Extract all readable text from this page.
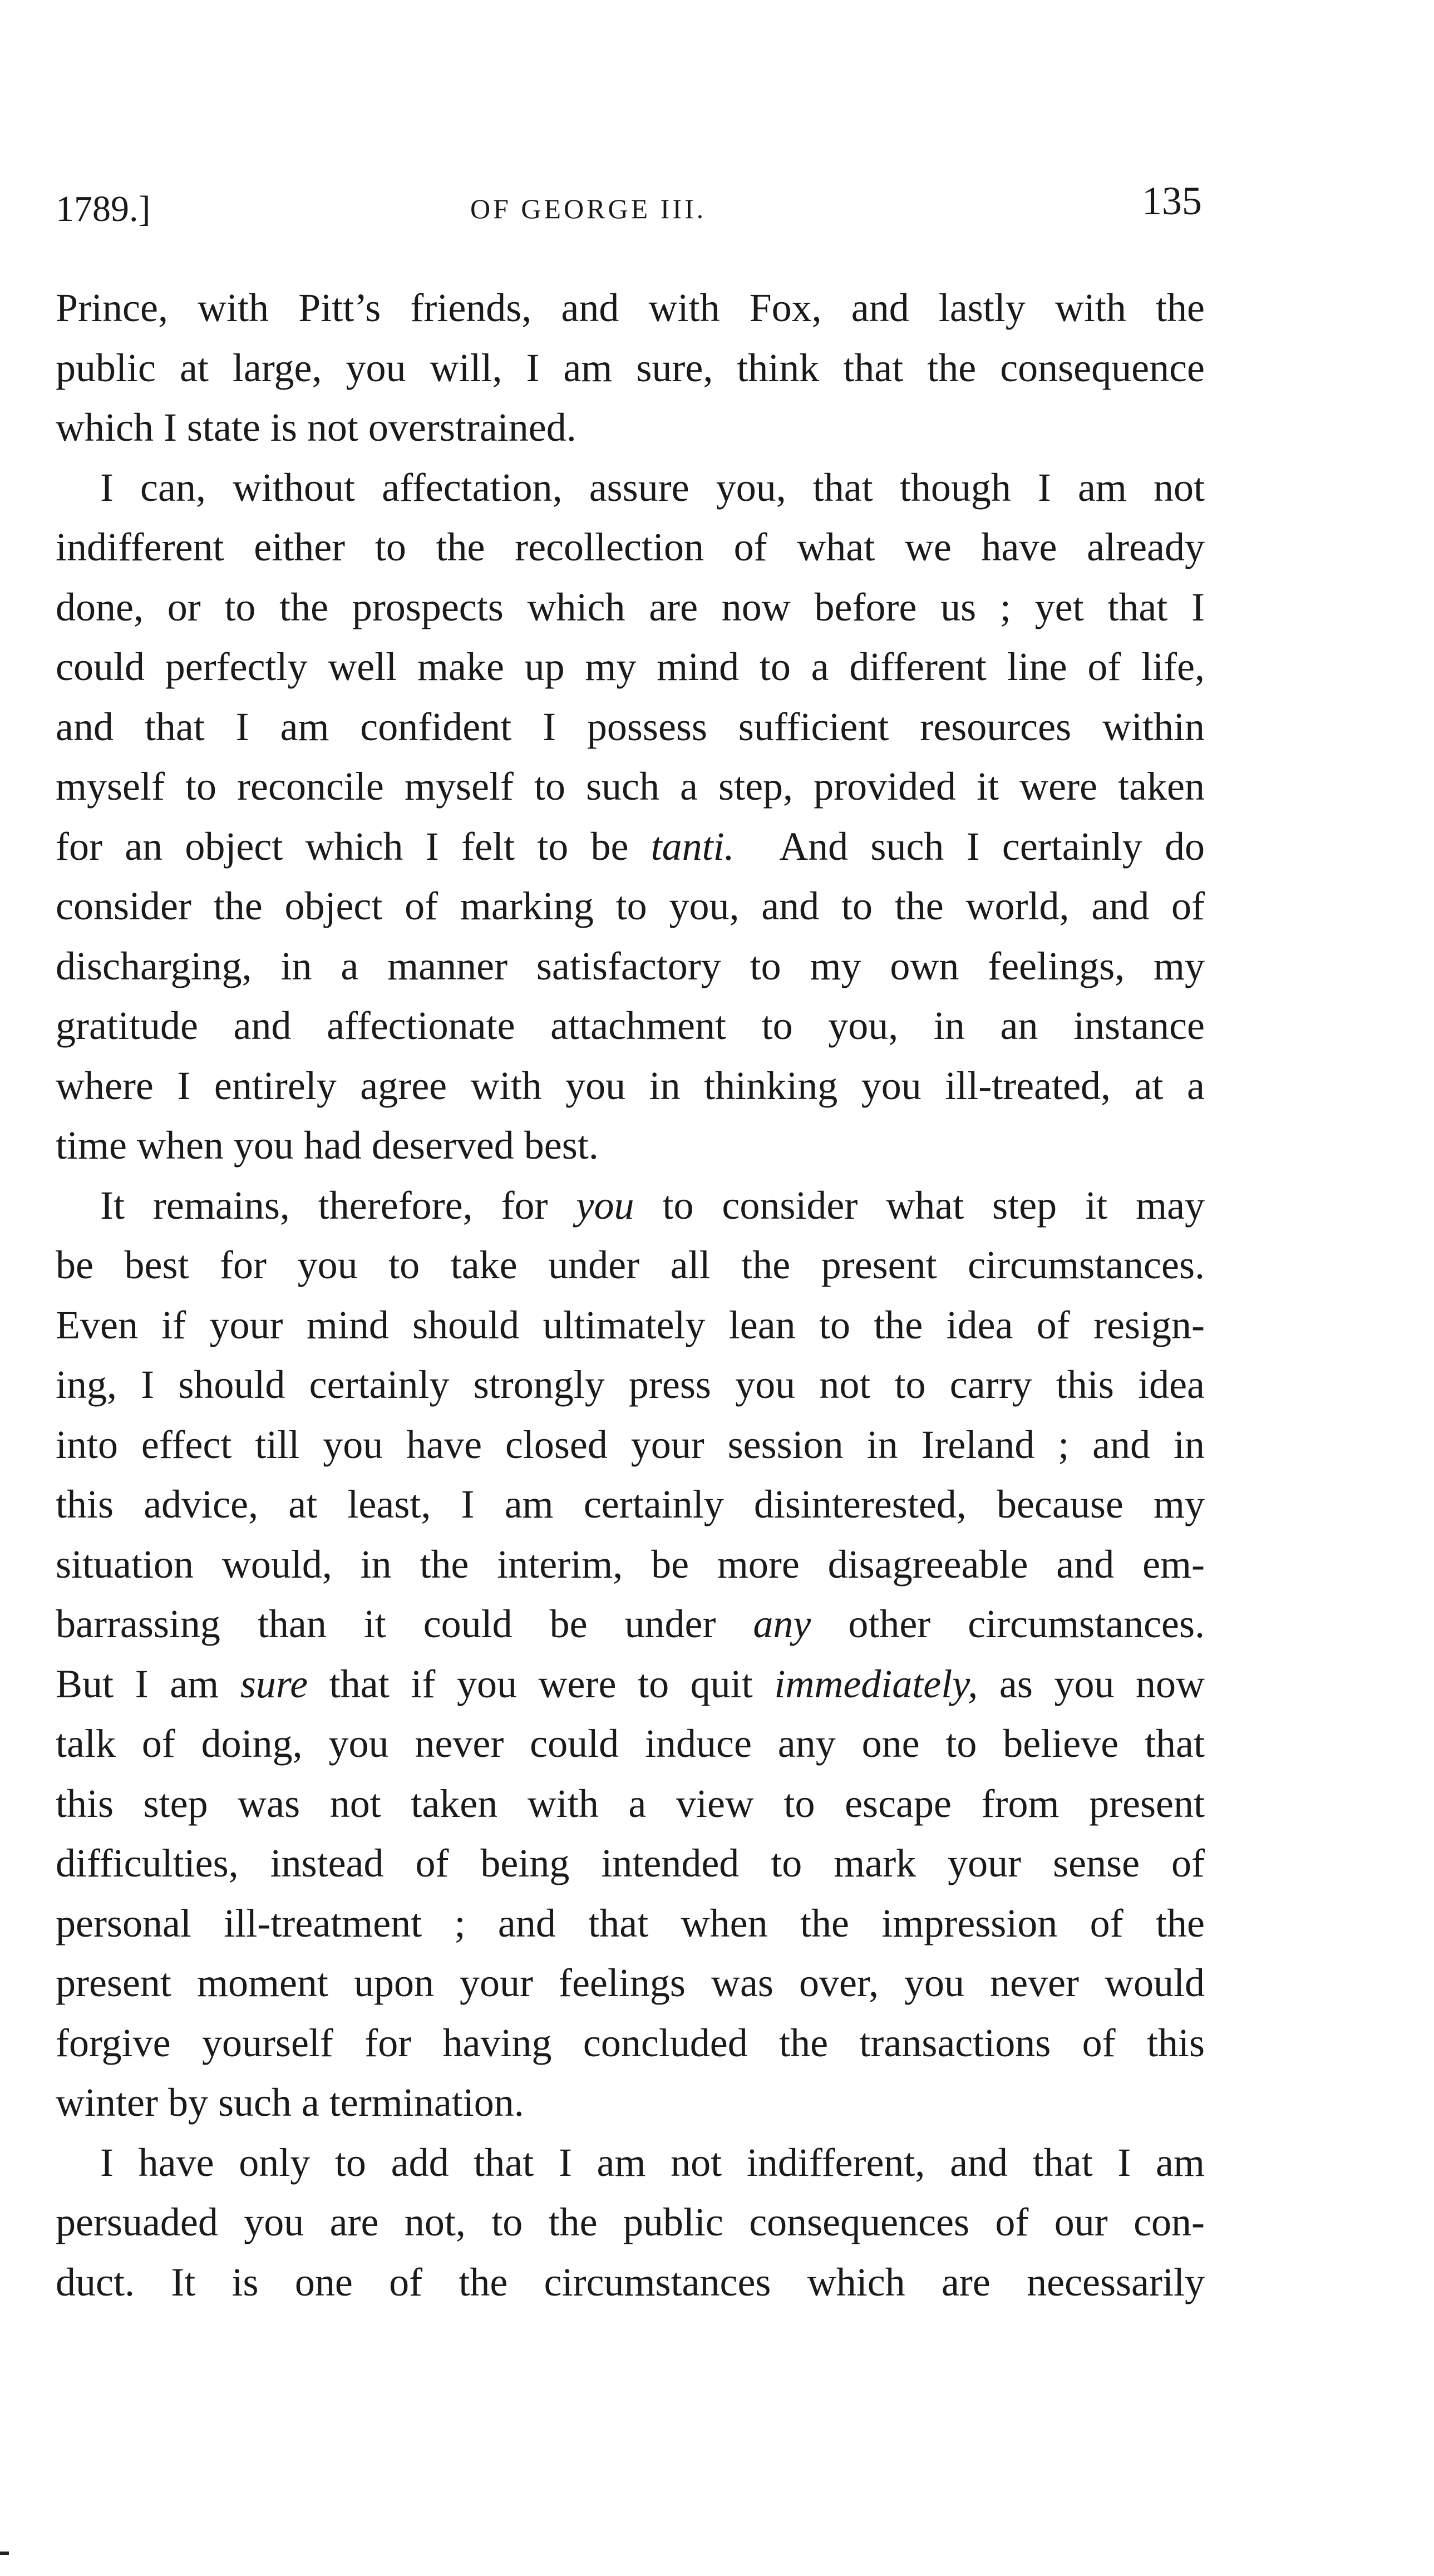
1789.]	OF GEORGE III.	135

Prince, with Pitt’s friends, and with Fox, and lastly with the
public at large, you will, I am sure, think that the consequence
which I state is not overstrained.

I can, without affectation, assure you, that though I am not
indifferent either to the recollection of what we have already
done, or to the prospects which are now before us ; yet that I
could perfectly well make up my mind to a different line of life,
and that I am confident I possess sufficient resources within
myself to reconcile myself to such a step, provided it were taken
for an object which I felt to be tanti. And such I certainly do
consider the object of marking to you, and to the world, and of
discharging, in a manner satisfactory to my own feelings, my
gratitude and affectionate attachment to you, in an instance
where I entirely agree with you in thinking you ill-treated, at a
time when you had deserved best.

It remains, therefore, for you to consider what step it may
be best for you to take under all the present circumstances.
Even if your mind should ultimately lean to the idea of resign-
ing, I should certainly strongly press you not to carry this idea
into effect till you have closed your session in Ireland ; and in
this advice, at least, I am certainly disinterested, because my
situation would, in the interim, be more disagreeable and em-
barrassing than it could be under any other circumstances.
But I am sure that if you were to quit immediately, as you now
talk of doing, you never could induce any one to believe that
this step was not taken with a view to escape from present
difficulties, instead of being intended to mark your sense of
personal ill-treatment ; and that when the impression of the
present moment upon your feelings was over, you never would
forgive yourself for having concluded the transactions of this
winter by such a termination.

I have only to add that I am not indifferent, and that I am
persuaded you are not, to the public consequences of our con-
duct. It is one of the circumstances which are necessarily
